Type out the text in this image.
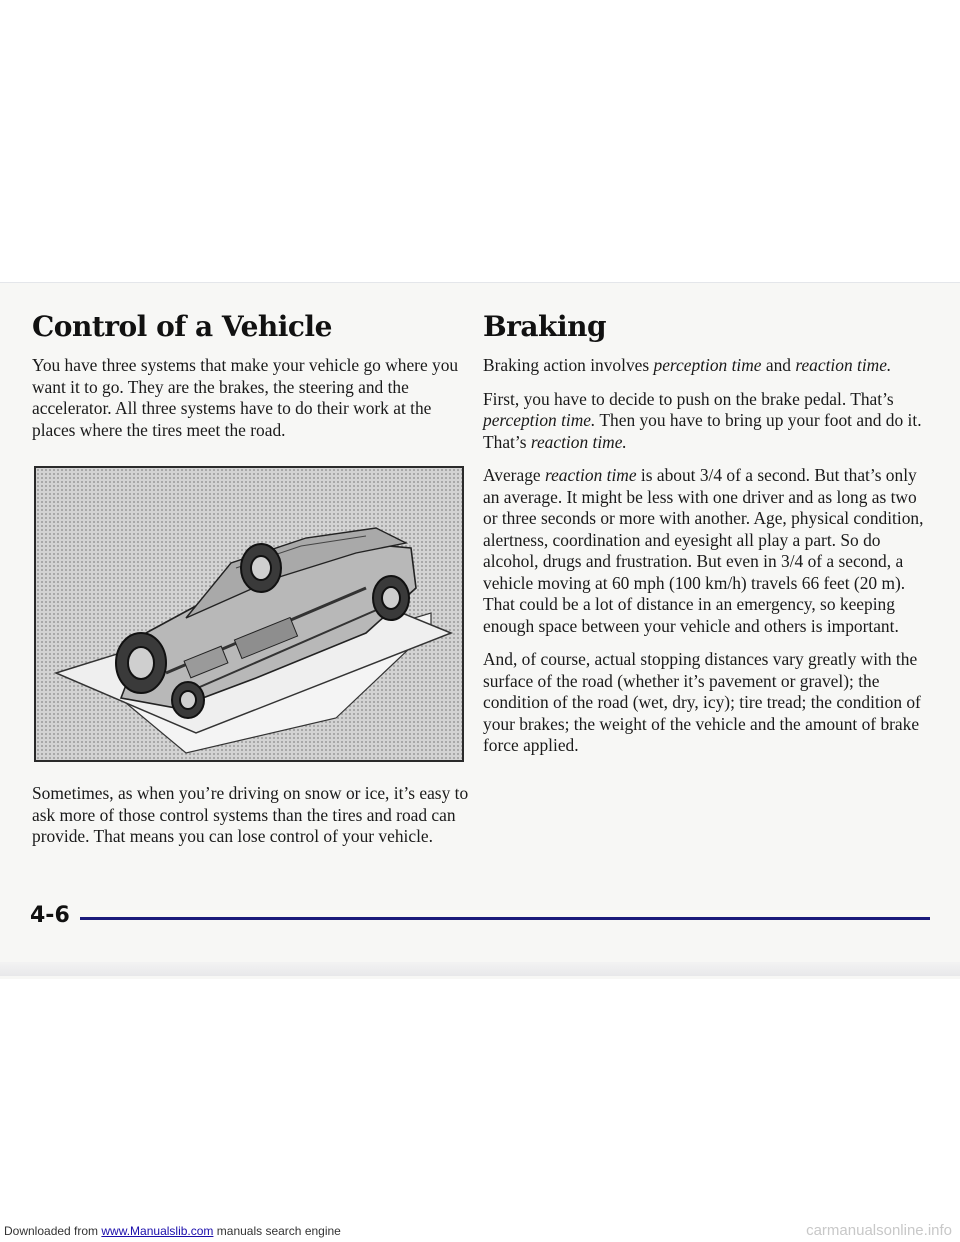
Control of a Vehicle

You have three systems that make your vehicle go where you want it to go. They are the brakes, the steering and the accelerator. All three systems have to do their work at the places where the tires meet the road.

Sometimes, as when you’re driving on snow or ice, it’s easy to ask more of those control systems than the tires and road can provide. That means you can lose control of your vehicle.

Braking

Braking action involves perception time and reaction time.

First, you have to decide to push on the brake pedal. That’s perception time. Then you have to bring up your foot and do it. That’s reaction time.

Average reaction time is about 3/4 of a second. But that’s only an average. It might be less with one driver and as long as two or three seconds or more with another. Age, physical condition, alertness, coordination and eyesight all play a part. So do alcohol, drugs and frustration. But even in 3/4 of a second, a vehicle moving at 60 mph (100 km/h) travels 66 feet (20 m). That could be a lot of distance in an emergency, so keeping enough space between your vehicle and others is important.

And, of course, actual stopping distances vary greatly with the surface of the road (whether it’s pavement or gravel); the condition of the road (wet, dry, icy); tire tread; the condition of your brakes; the weight of the vehicle and the amount of brake force applied.

4-6
Downloaded from www.Manualslib.com manuals search engine	carmanualsonline.info
